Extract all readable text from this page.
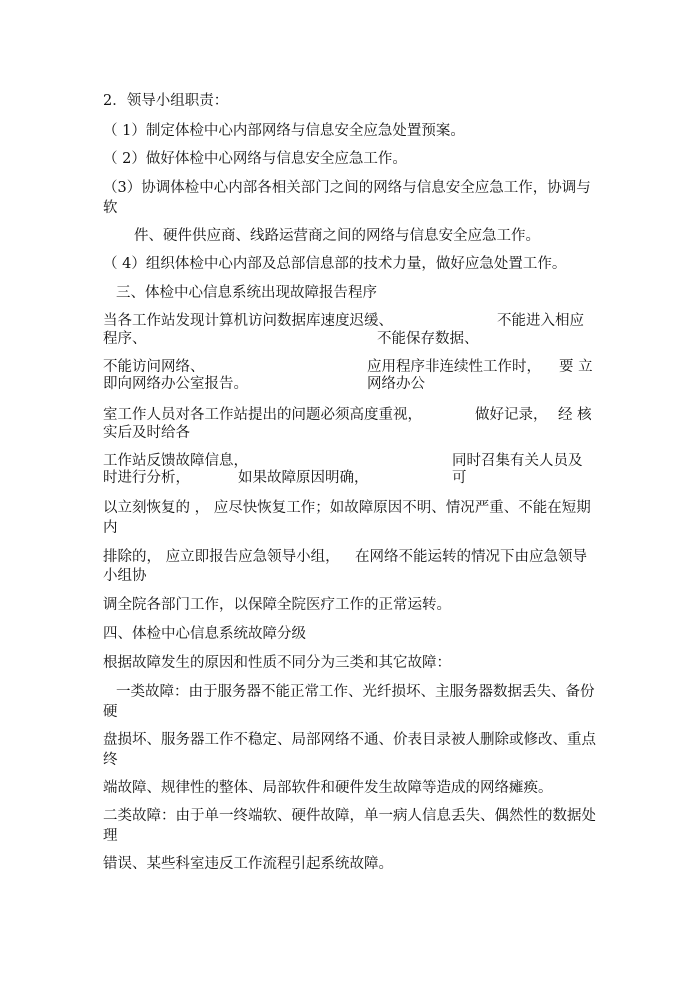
2．领导小组职责：
（ 1）制定体检中心内部网络与信息安全应急处置预案。
（ 2）做好体检中心网络与信息安全应急工作。
（3）协调体检中心内部各相关部门之间的网络与信息安全应急工作，协调与
软
件、硬件供应商、线路运营商之间的网络与信息安全应急工作。
（ 4）组织体检中心内部及总部信息部的技术力量，做好应急处置工作。
三、体检中心信息系统出现故障报告程序
当各工作站发现计算机访问数据库速度迟缓、	不能进入相应
程序、	不能保存数据、
不能访问网络、	应用程序非连续性工作时， 要 立
即向网络办公室报告。	网络办公
室工作人员对各工作站提出的问题必须高度重视，	做好记录， 经 核
实后及时给各
工作站反馈故障信息，	同时召集有关人员及
时进行分析，	如果故障原因明确，	可
以立刻恢复的 ， 应尽快恢复工作；如故障原因不明、情况严重、不能在短期
内
排除的， 应立即报告应急领导小组， 在网络不能运转的情况下由应急领导
小组协
调全院各部门工作，以保障全院医疗工作的正常运转。
四、体检中心信息系统故障分级
根据故障发生的原因和性质不同分为三类和其它故障：
一类故障：由于服务器不能正常工作、光纤损坏、主服务器数据丢失、备份
硬
盘损坏、服务器工作不稳定、局部网络不通、价表目录被人删除或修改、重点
终
端故障、规律性的整体、局部软件和硬件发生故障等造成的网络瘫痪。
二类故障：由于单一终端软、硬件故障，单一病人信息丢失、偶然性的数据处
理
错误、某些科室违反工作流程引起系统故障。
